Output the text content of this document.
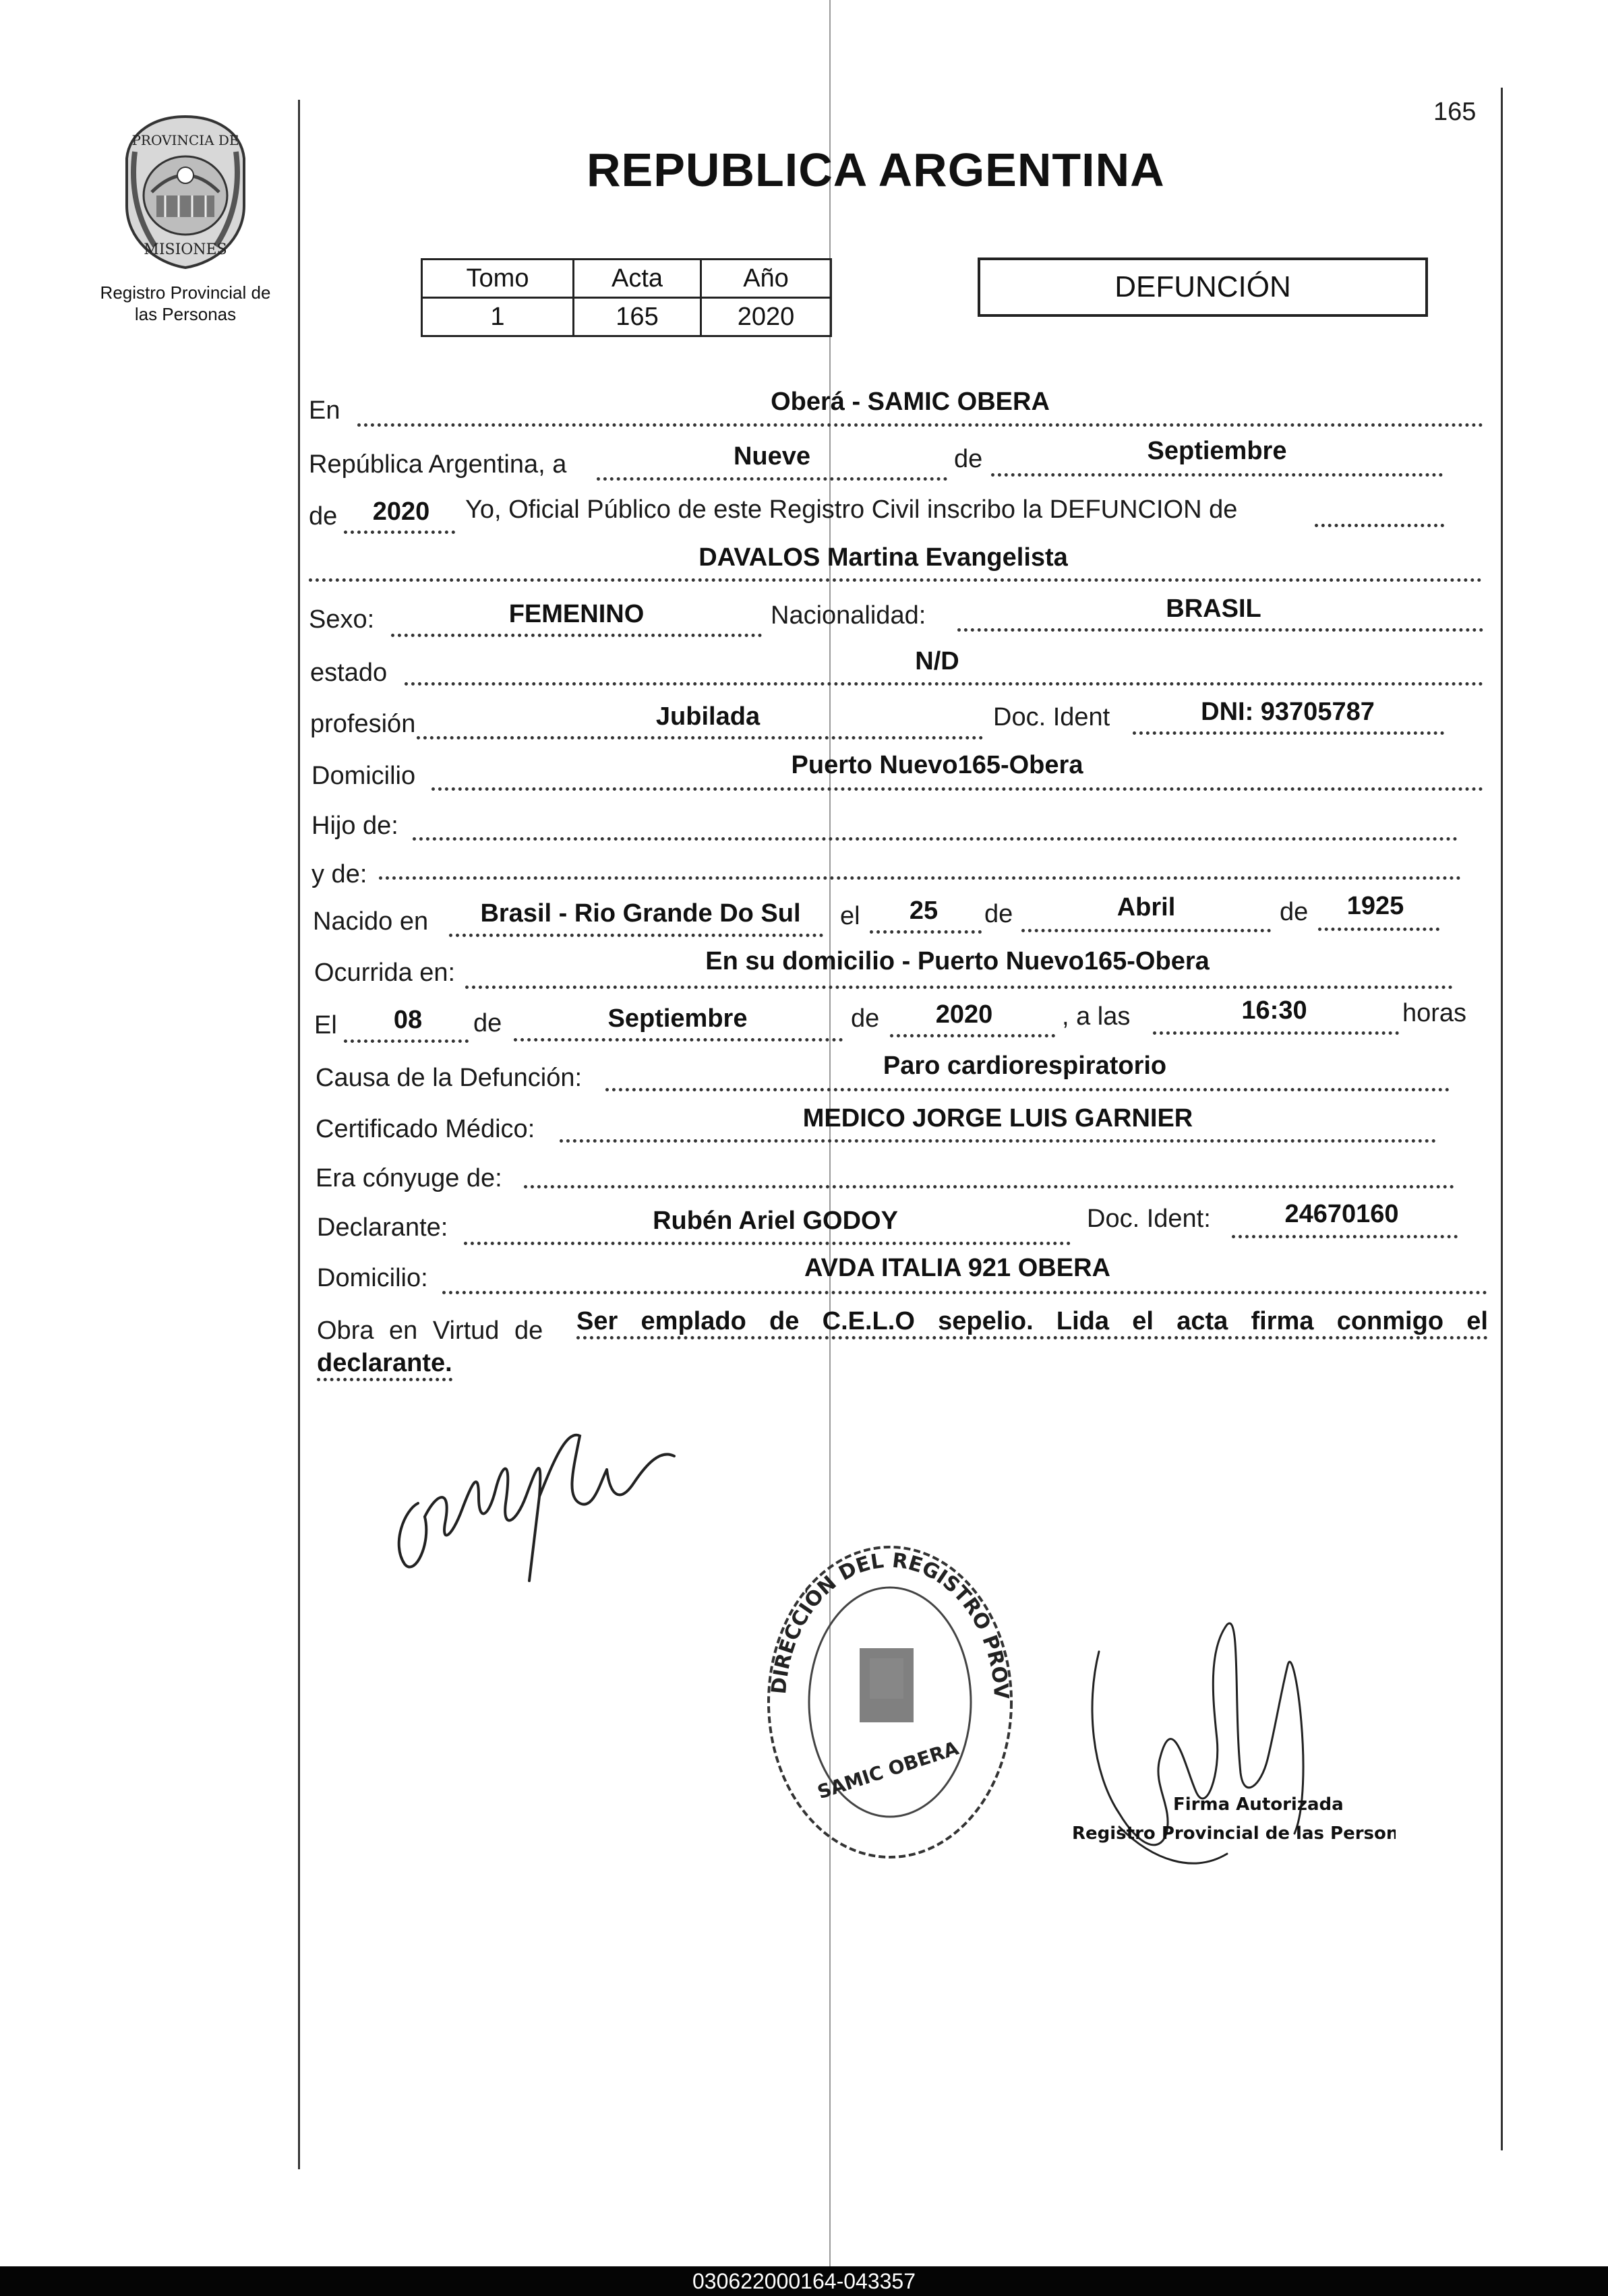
165
PROVINCIA DE
MISIONES
Registro Provincial de
las Personas
REPUBLICA ARGENTINA
Tomo	Acta	Año
1	165	2020
DEFUNCIÓN
En	Oberá - SAMIC OBERA
República Argentina, a	Nueve	de	Septiembre
de	2020	Yo, Oficial Público de este Registro Civil inscribo la DEFUNCION de
DAVALOS Martina Evangelista
Sexo:	FEMENINO	Nacionalidad:	BRASIL
estado	N/D
profesión	Jubilada	Doc. Ident	DNI: 93705787
Domicilio	Puerto Nuevo165-Obera
Hijo de:
y de:
Nacido en	Brasil - Rio Grande Do Sul	el	25	de	Abril	de	1925
Ocurrida en:	En su domicilio - Puerto Nuevo165-Obera
El	08	de	Septiembre	de	2020	, a las	16:30	horas
Causa de la Defunción:	Paro cardiorespiratorio
Certificado Médico:	MEDICO JORGE LUIS GARNIER
Era cónyuge de:
Declarante:	Rubén Ariel GODOY	Doc. Ident:	24670160
Domicilio:	AVDA ITALIA 921 OBERA
Obra en Virtud de Ser emplado de C.E.L.O sepelio. Lida el acta firma conmigo el
declarante.
DIRECCIÓN DEL REGISTRO PROV
SAMIC OBERA
Firma Autorizada
Registro Provincial de las Personas
030622000164-043357
